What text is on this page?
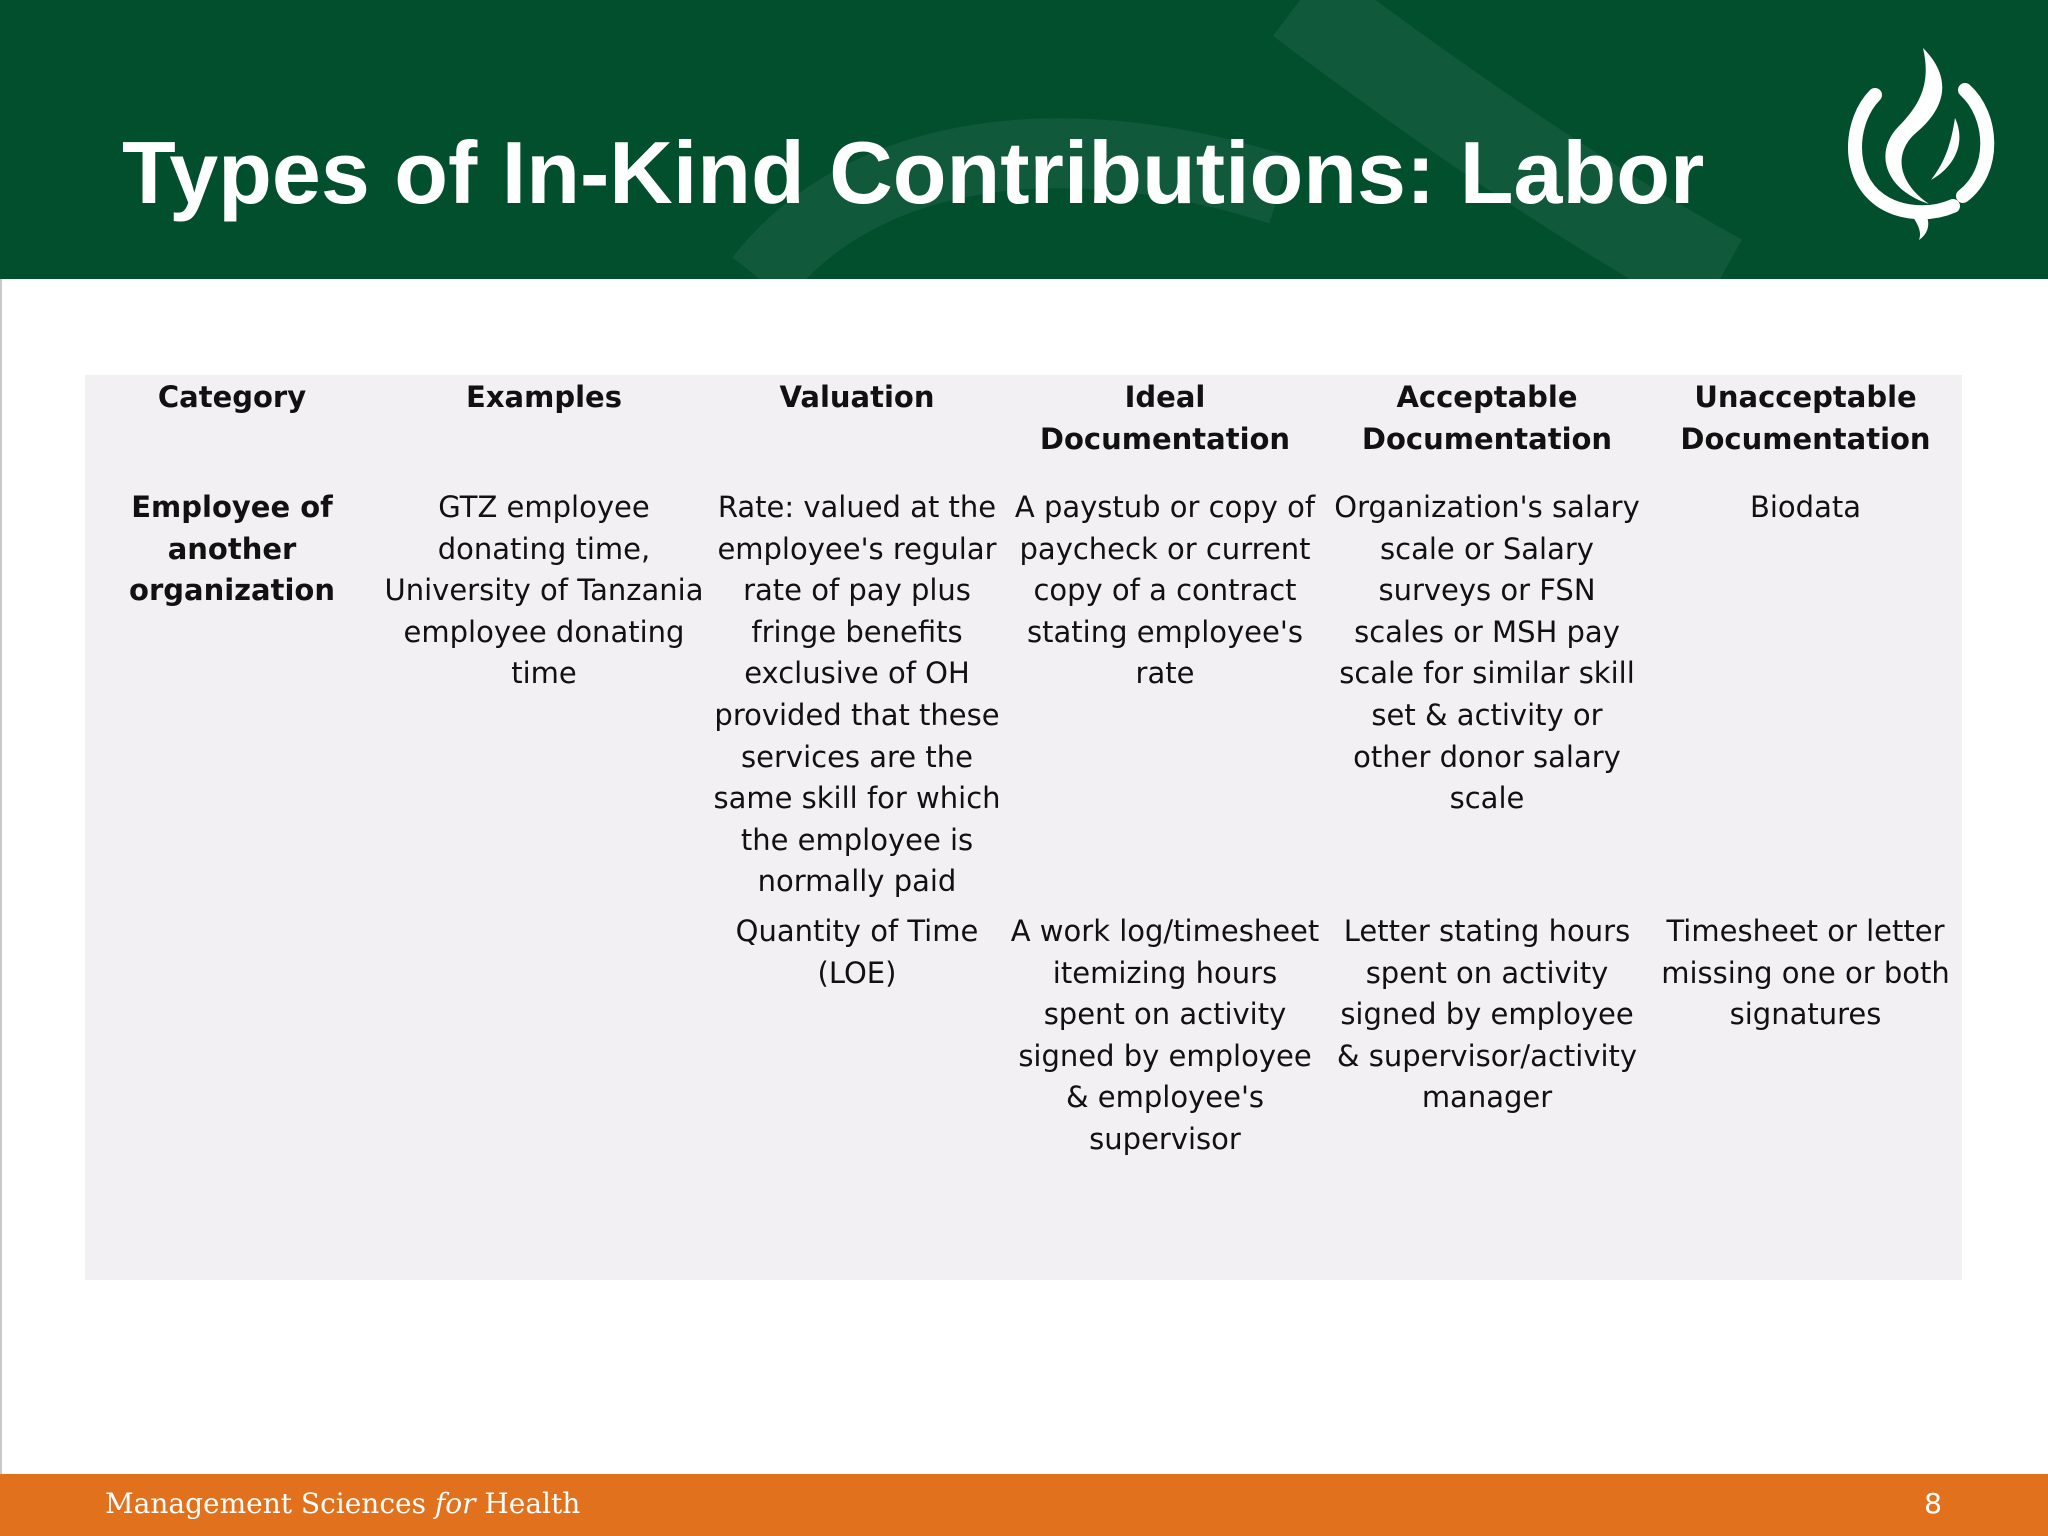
Types of In-Kind Contributions: Labor
Category	Examples	Valuation	Ideal Documentation	Acceptable Documentation	Unacceptable Documentation
Employee of another organization	GTZ employee donating time, University of Tanzania employee donating time	Rate: valued at the employee's regular rate of pay plus fringe benefits exclusive of OH provided that these services are the same skill for which the employee is normally paid	A paystub or copy of paycheck or current copy of a contract stating employee's rate	Organization's salary scale or Salary surveys or FSN scales or MSH pay scale for similar skill set & activity or other donor salary scale	Biodata
		Quantity of Time (LOE)	A work log/timesheet itemizing hours spent on activity signed by employee & employee's supervisor	Letter stating hours spent on activity signed by employee & supervisor/activity manager	Timesheet or letter missing one or both signatures
Management Sciences for Health	8
